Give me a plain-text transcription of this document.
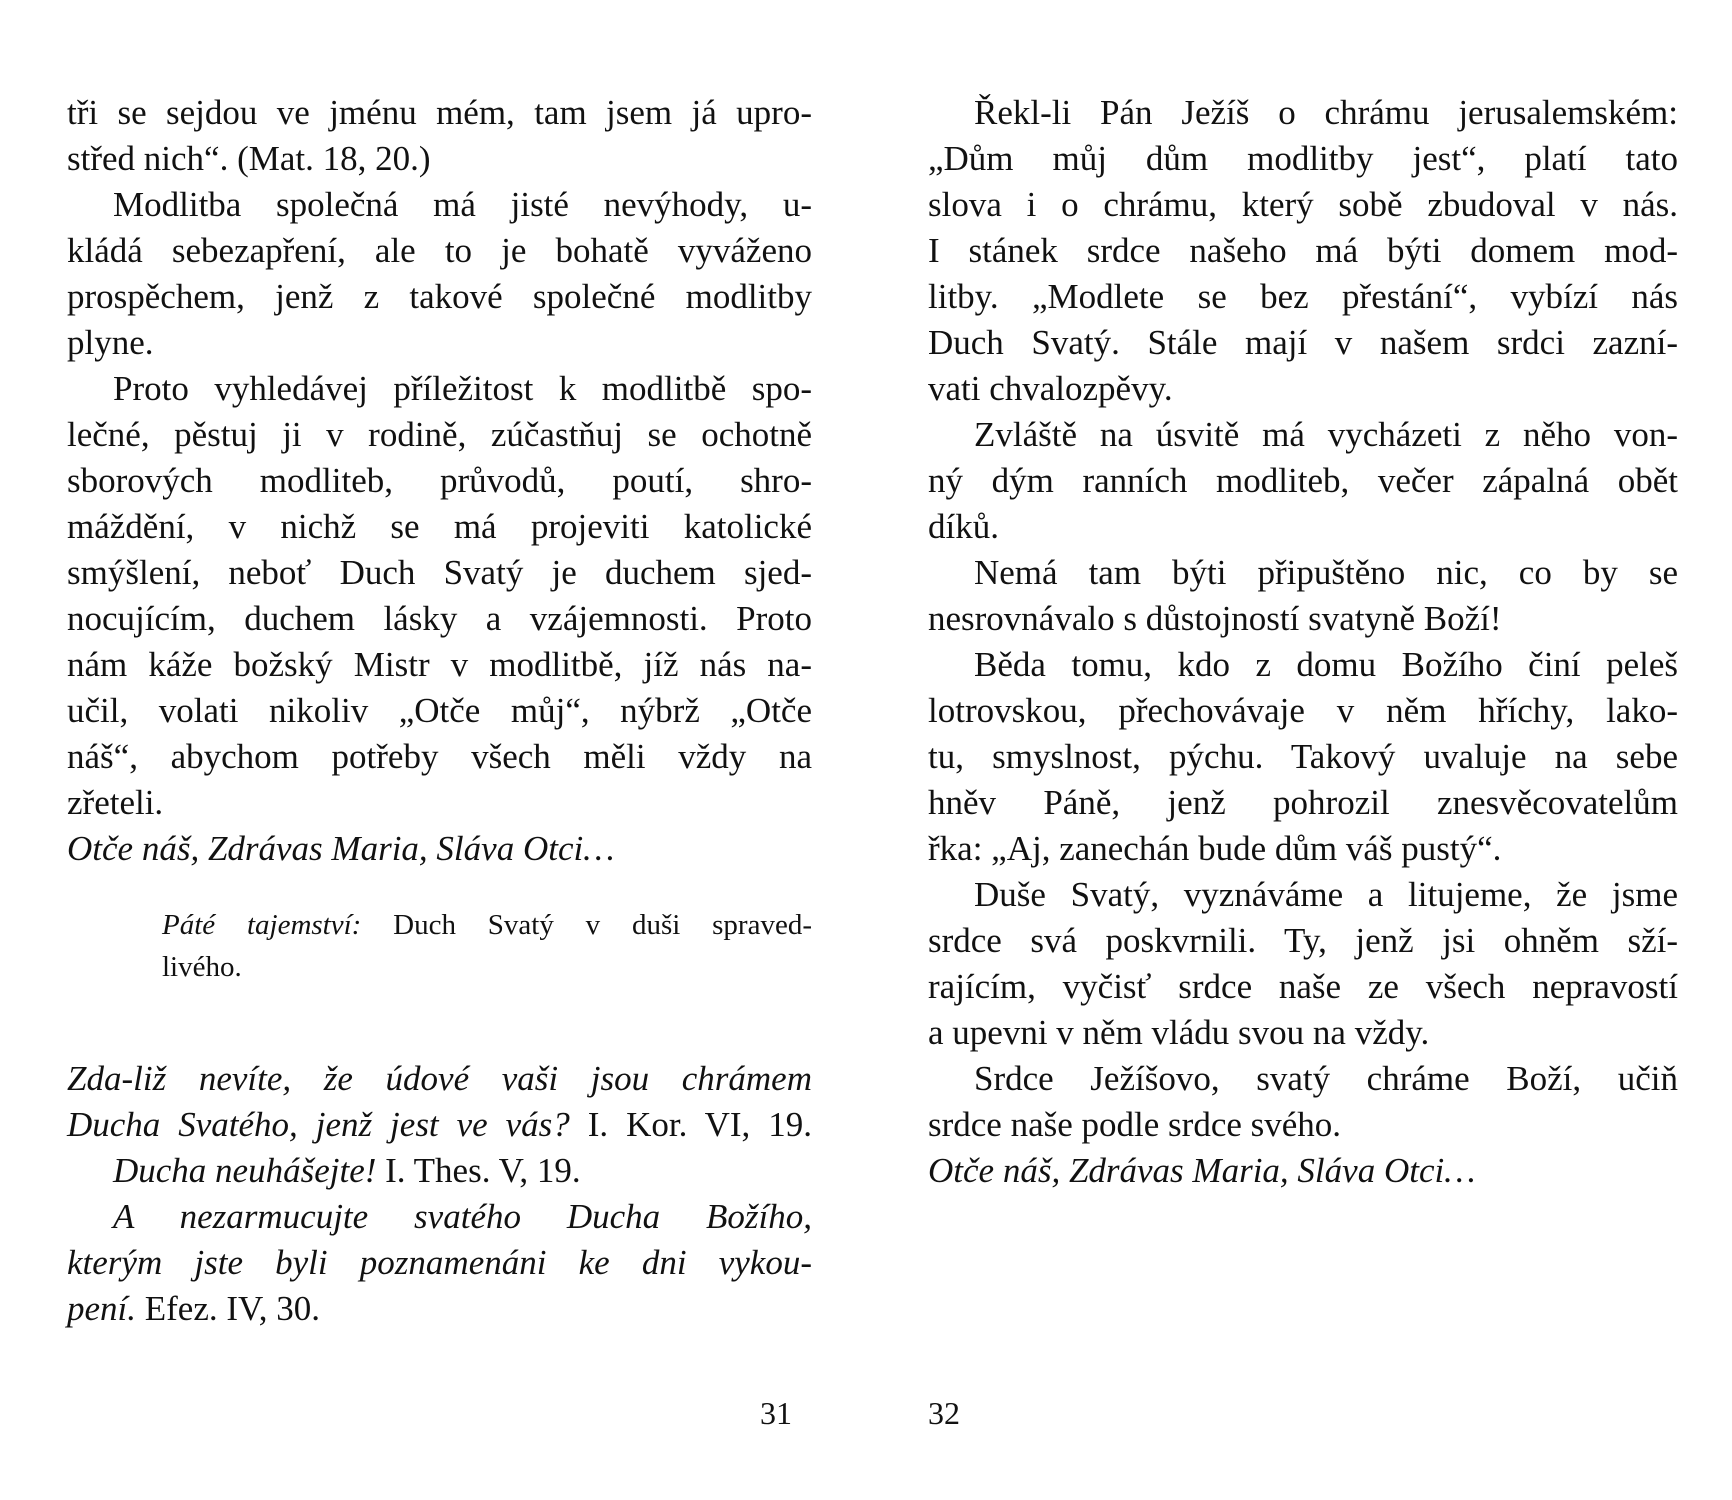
tři se sejdou ve jménu mém, tam jsem já upro-
střed nich“. (Mat. 18, 20.)
Modlitba společná má jisté nevýhody, u-
kládá sebezapření, ale to je bohatě vyváženo
prospěchem, jenž z takové společné modlitby
plyne.
Proto vyhledávej příležitost k modlitbě spo-
lečné, pěstuj ji v rodině, zúčastňuj se ochotně
sborových modliteb, průvodů, poutí, shro-
máždění, v nichž se má projeviti katolické
smýšlení, neboť Duch Svatý je duchem sjed-
nocujícím, duchem lásky a vzájemnosti. Proto
nám káže božský Mistr v modlitbě, jíž nás na-
učil, volati nikoliv „Otče můj“, nýbrž „Otče
náš“, abychom potřeby všech měli vždy na
zřeteli.
Otče náš, Zdrávas Maria, Sláva Otci…
Páté tajemství: Duch Svatý v duši spraved-
livého.
Zda-liž nevíte, že údové vaši jsou chrámem
Ducha Svatého, jenž jest ve vás? I. Kor. VI, 19.
Ducha neuhášejte! I. Thes. V, 19.
A nezarmucujte svatého Ducha Božího,
kterým jste byli poznamenáni ke dni vykou-
pení. Efez. IV, 30.
Řekl-li Pán Ježíš o chrámu jerusalemském:
„Dům můj dům modlitby jest“, platí tato
slova i o chrámu, který sobě zbudoval v nás.
I stánek srdce našeho má býti domem mod-
litby. „Modlete se bez přestání“, vybízí nás
Duch Svatý. Stále mají v našem srdci zazní-
vati chvalozpěvy.
Zvláště na úsvitě má vycházeti z něho von-
ný dým ranních modliteb, večer zápalná obět
díků.
Nemá tam býti připuštěno nic, co by se
nesrovnávalo s důstojností svatyně Boží!
Běda tomu, kdo z domu Božího činí peleš
lotrovskou, přechovávaje v něm hříchy, lako-
tu, smyslnost, pýchu. Takový uvaluje na sebe
hněv Páně, jenž pohrozil znesvěcovatelům
řka: „Aj, zanechán bude dům váš pustý“.
Duše Svatý, vyznáváme a litujeme, že jsme
srdce svá poskvrnili. Ty, jenž jsi ohněm sží-
rajícím, vyčisť srdce naše ze všech nepravostí
a upevni v něm vládu svou na vždy.
Srdce Ježíšovo, svatý chráme Boží, učiň
srdce naše podle srdce svého.
Otče náš, Zdrávas Maria, Sláva Otci…
31	32
